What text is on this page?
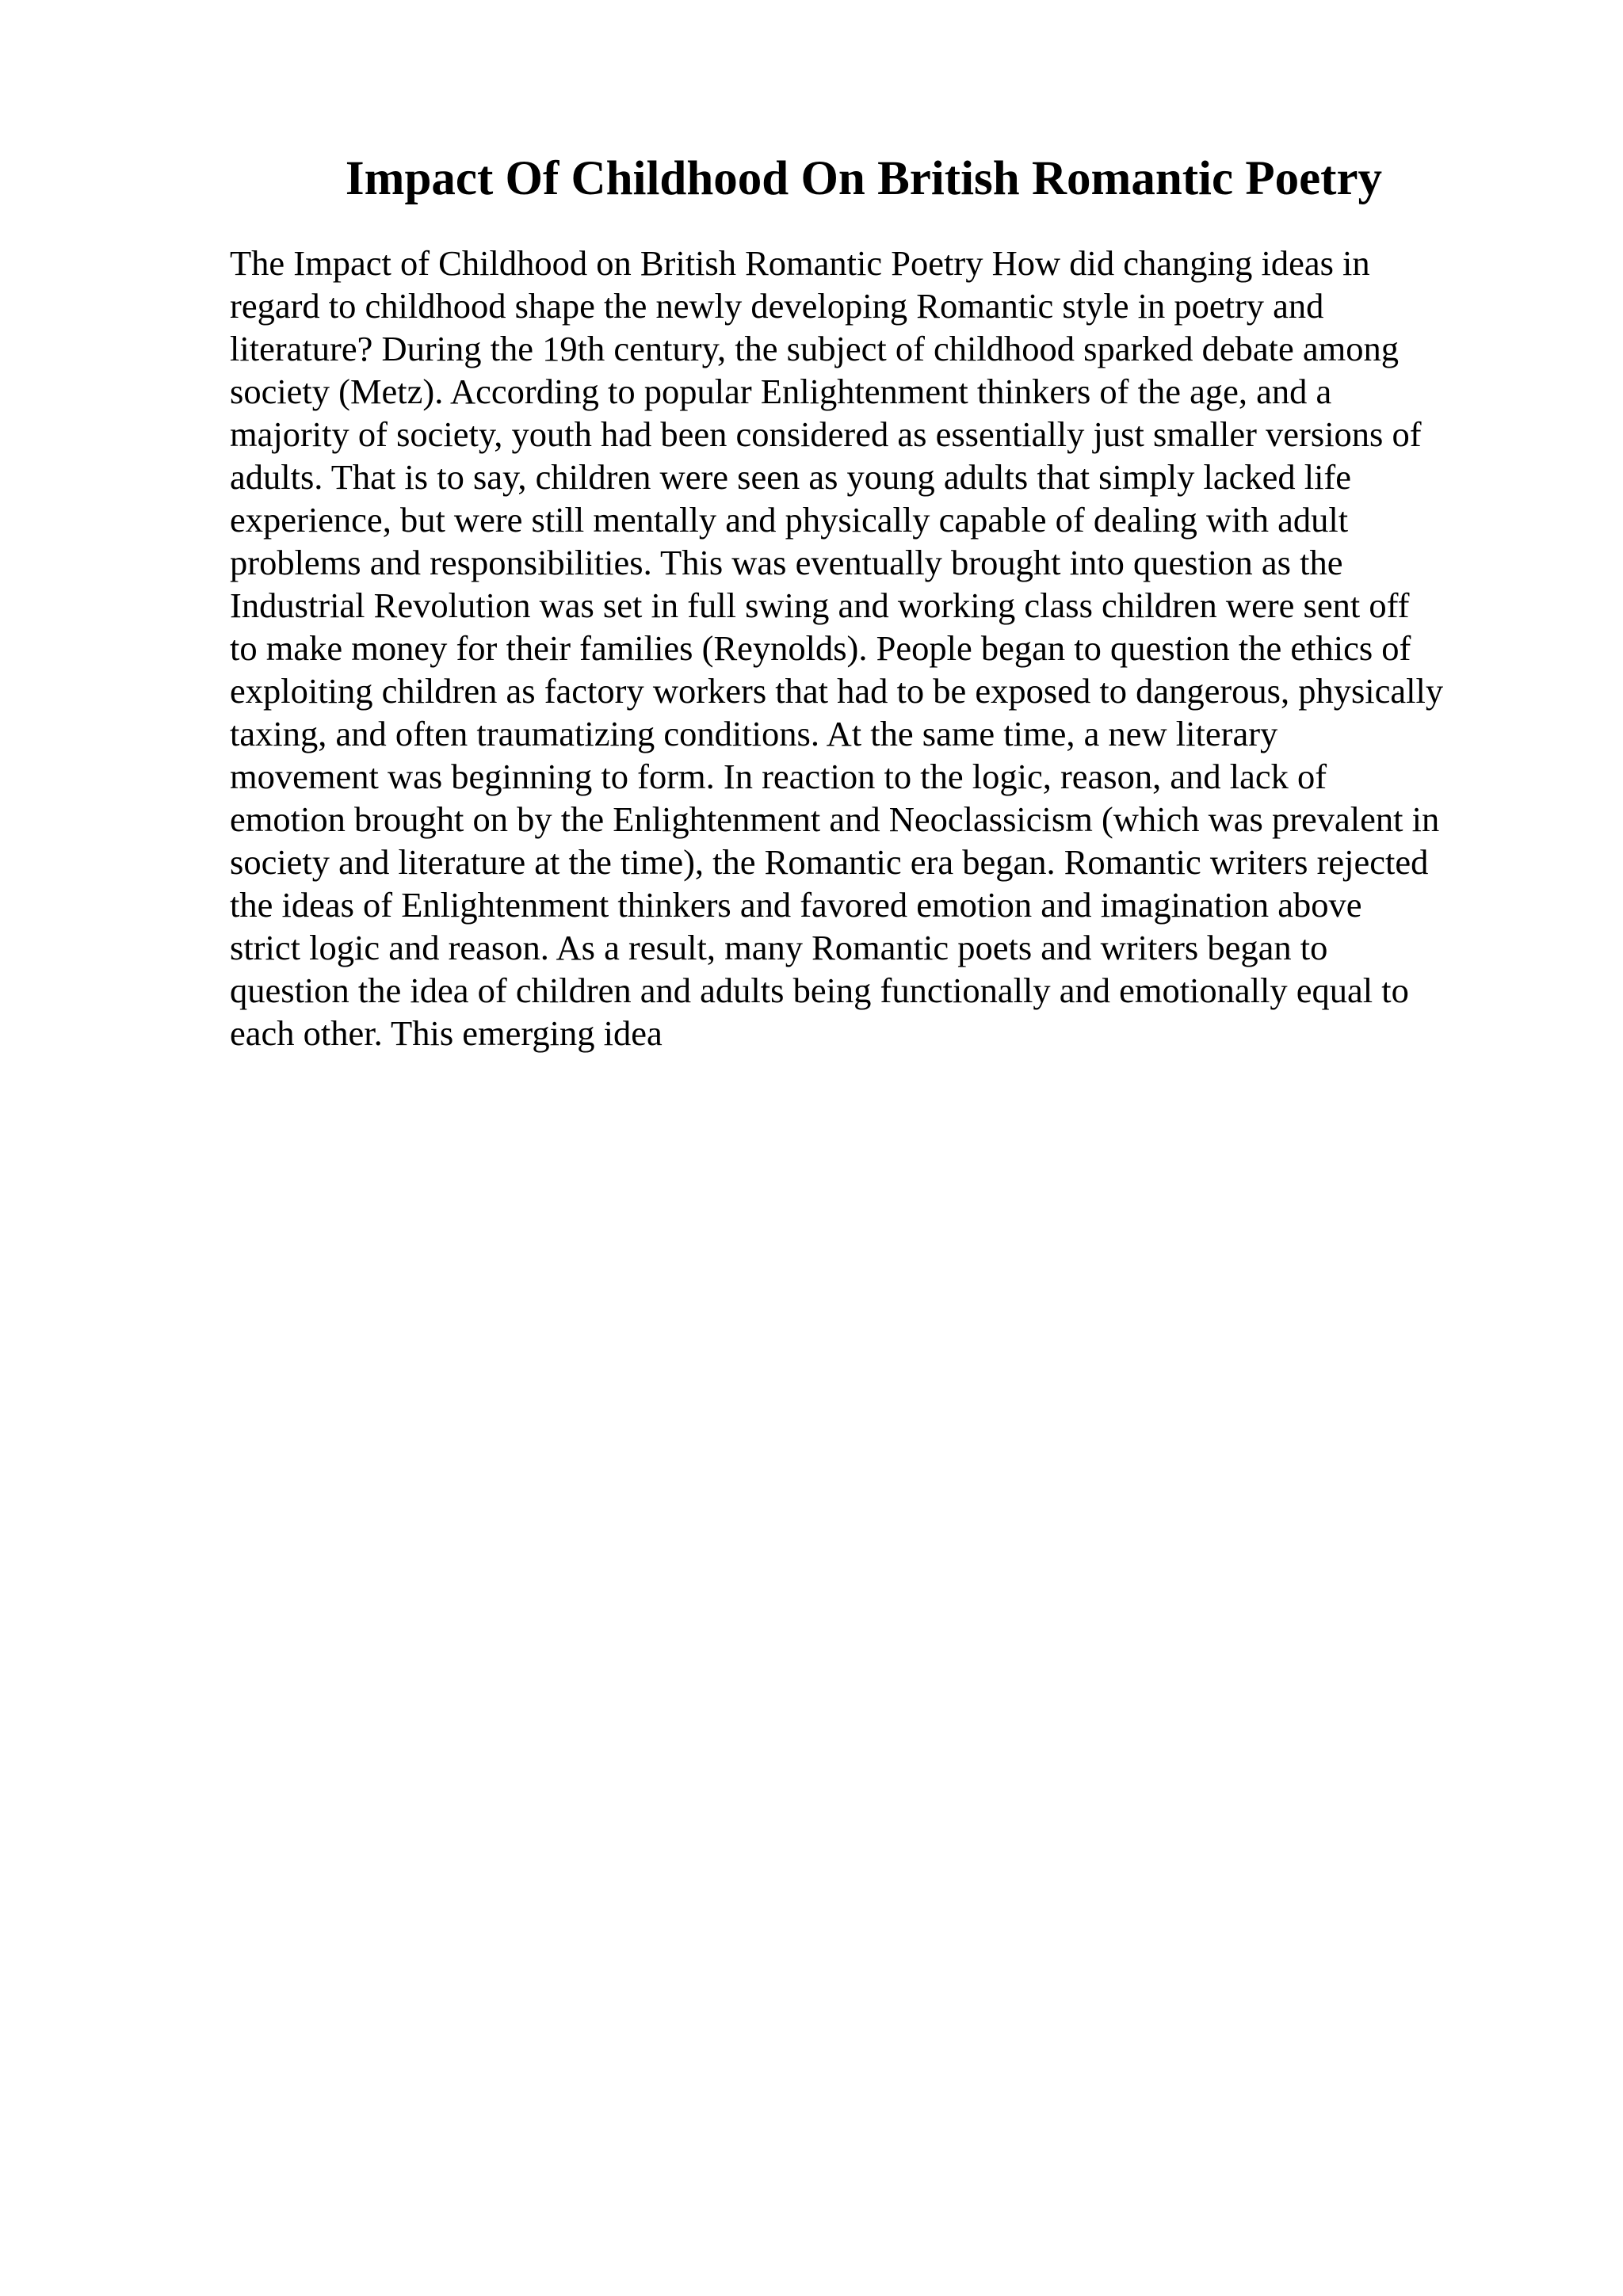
Impact Of Childhood On British Romantic Poetry
The Impact of Childhood on British Romantic Poetry How did changing ideas in
regard to childhood shape the newly developing Romantic style in poetry and
literature? During the 19th century, the subject of childhood sparked debate among
society (Metz). According to popular Enlightenment thinkers of the age, and a
majority of society, youth had been considered as essentially just smaller versions of
adults. That is to say, children were seen as young adults that simply lacked life
experience, but were still mentally and physically capable of dealing with adult
problems and responsibilities. This was eventually brought into question as the
Industrial Revolution was set in full swing and working class children were sent off
to make money for their families (Reynolds). People began to question the ethics of
exploiting children as factory workers that had to be exposed to dangerous, physically
taxing, and often traumatizing conditions. At the same time, a new literary
movement was beginning to form. In reaction to the logic, reason, and lack of
emotion brought on by the Enlightenment and Neoclassicism (which was prevalent in
society and literature at the time), the Romantic era began. Romantic writers rejected
the ideas of Enlightenment thinkers and favored emotion and imagination above
strict logic and reason. As a result, many Romantic poets and writers began to
question the idea of children and adults being functionally and emotionally equal to
each other. This emerging idea
